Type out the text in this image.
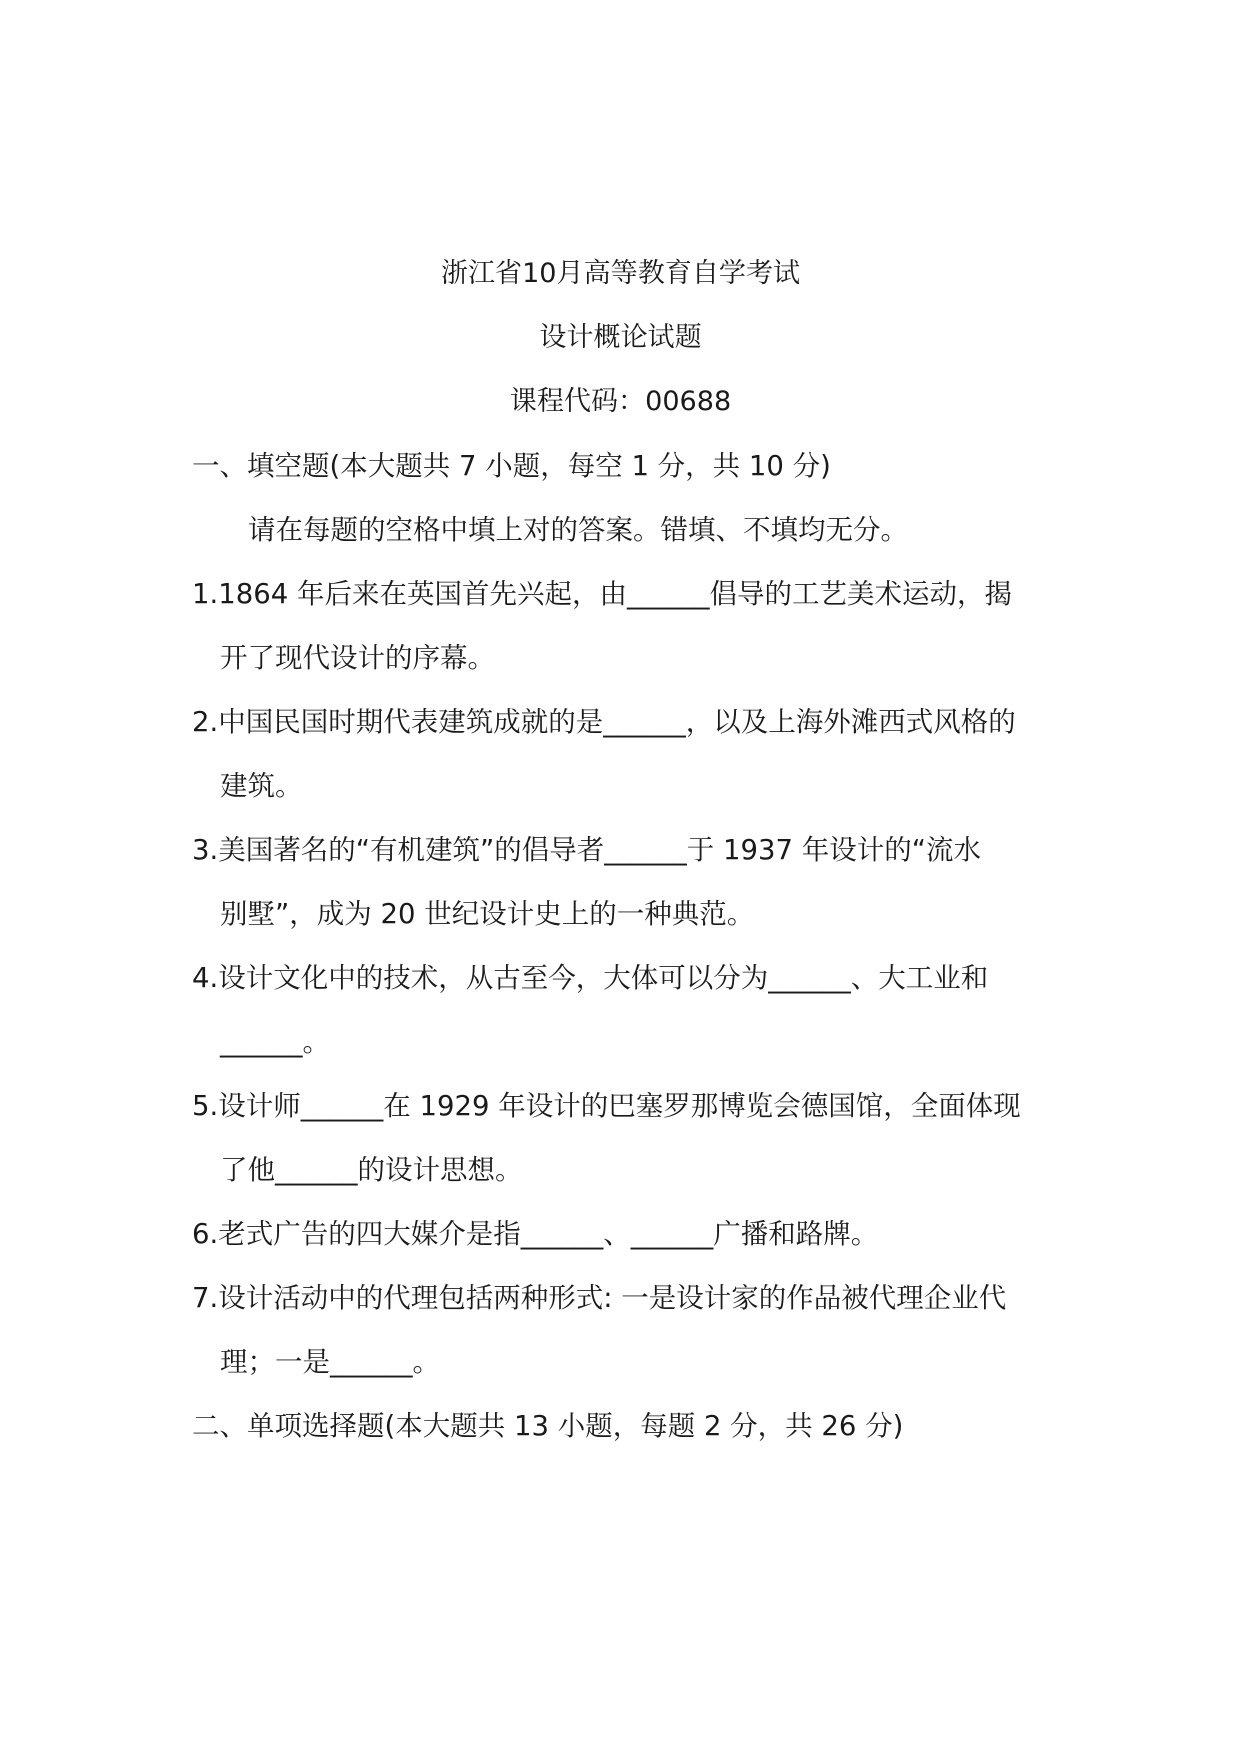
浙江省10月高等教育自学考试
设计概论试题
课程代码：00688
一、填空题(本大题共 7 小题，每空 1 分，共 10 分)
请在每题的空格中填上对的答案。错填、不填均无分。
1.1864 年后来在英国首先兴起，由______倡导的工艺美术运动，揭
开了现代设计的序幕。
2.中国民国时期代表建筑成就的是______，以及上海外滩西式风格的
建筑。
3.美国著名的“有机建筑”的倡导者______于 1937 年设计的“流水
别墅”，成为 20 世纪设计史上的一种典范。
4.设计文化中的技术，从古至今，大体可以分为______、大工业和
______。
5.设计师______在 1929 年设计的巴塞罗那博览会德国馆，全面体现
了他______的设计思想。
6.老式广告的四大媒介是指______、______广播和路牌。
7.设计活动中的代理包括两种形式: 一是设计家的作品被代理企业代
理；一是______。
二、单项选择题(本大题共 13 小题，每题 2 分，共 26 分)
